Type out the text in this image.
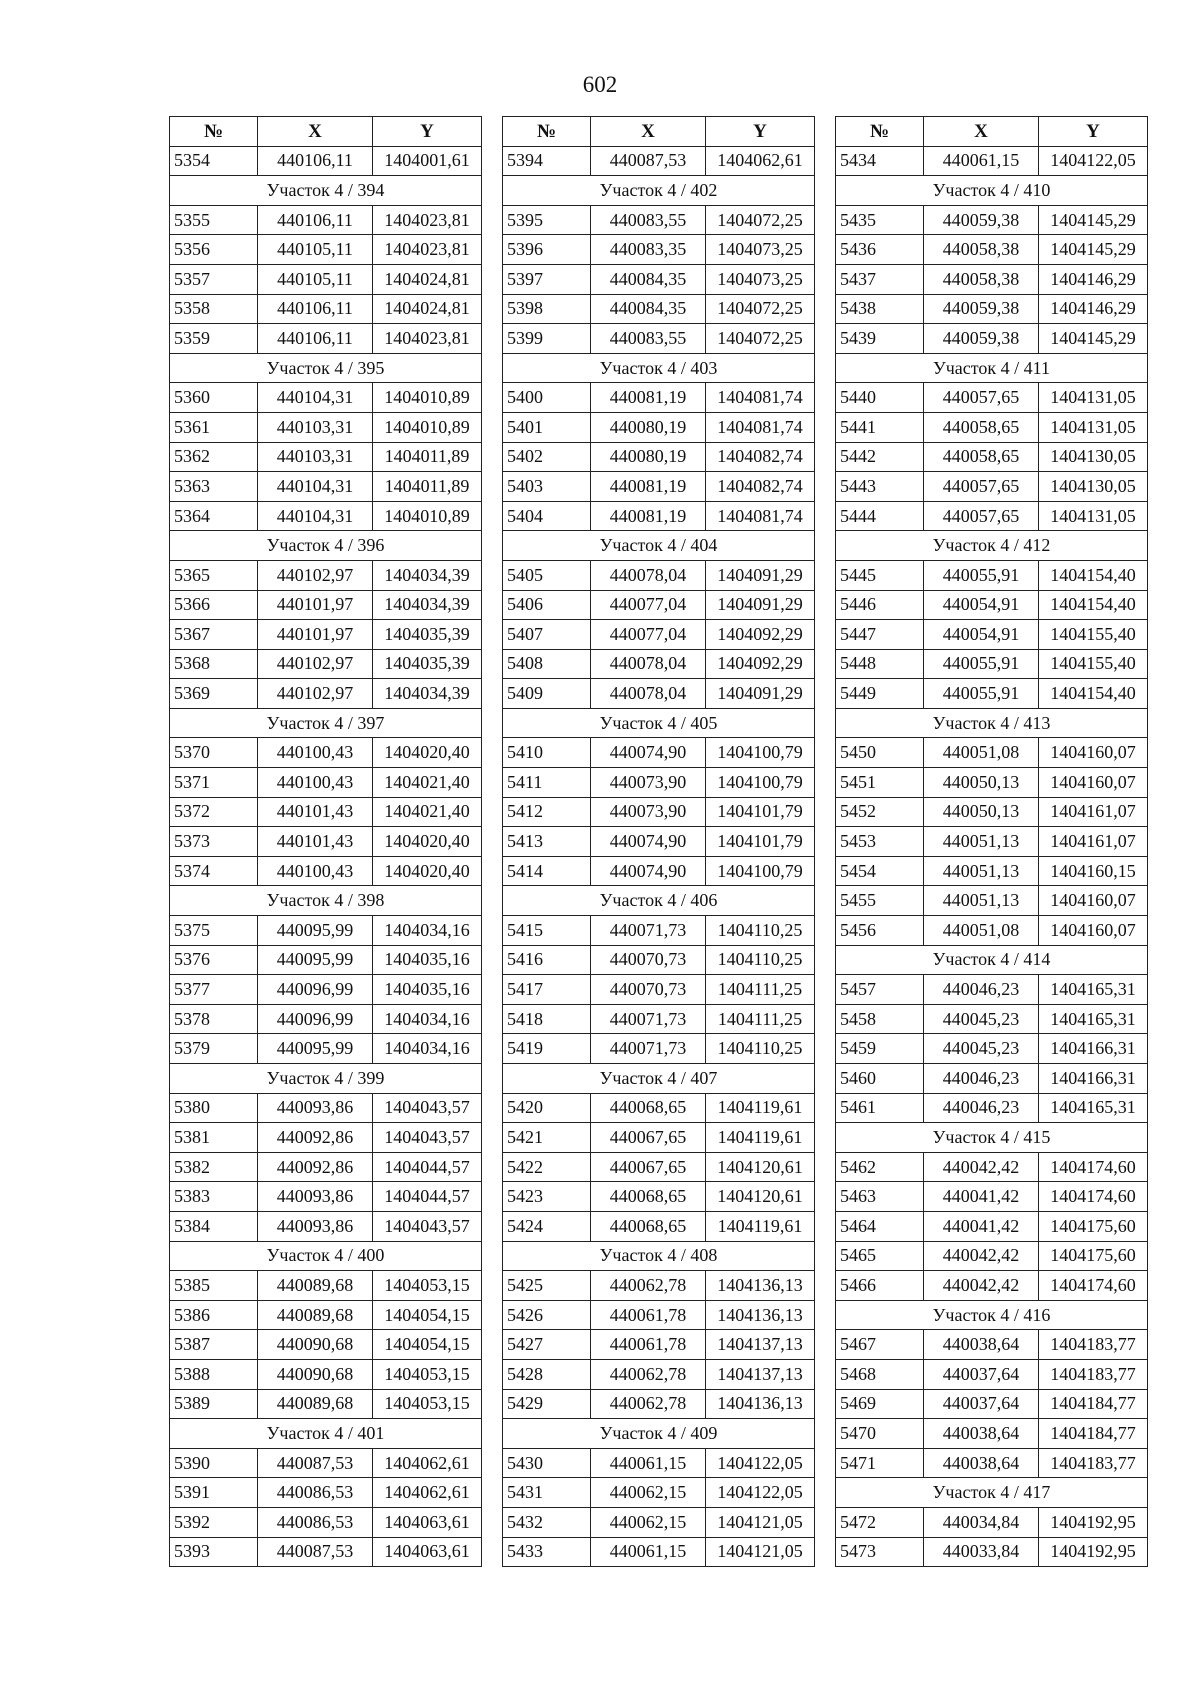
602
№	X	Y
5354	440106,11	1404001,61
Участок 4 / 394		
5355	440106,11	1404023,81
5356	440105,11	1404023,81
5357	440105,11	1404024,81
5358	440106,11	1404024,81
5359	440106,11	1404023,81
Участок 4 / 395		
5360	440104,31	1404010,89
5361	440103,31	1404010,89
5362	440103,31	1404011,89
5363	440104,31	1404011,89
5364	440104,31	1404010,89
Участок 4 / 396		
5365	440102,97	1404034,39
5366	440101,97	1404034,39
5367	440101,97	1404035,39
5368	440102,97	1404035,39
5369	440102,97	1404034,39
Участок 4 / 397		
5370	440100,43	1404020,40
5371	440100,43	1404021,40
5372	440101,43	1404021,40
5373	440101,43	1404020,40
5374	440100,43	1404020,40
Участок 4 / 398		
5375	440095,99	1404034,16
5376	440095,99	1404035,16
5377	440096,99	1404035,16
5378	440096,99	1404034,16
5379	440095,99	1404034,16
Участок 4 / 399		
5380	440093,86	1404043,57
5381	440092,86	1404043,57
5382	440092,86	1404044,57
5383	440093,86	1404044,57
5384	440093,86	1404043,57
Участок 4 / 400		
5385	440089,68	1404053,15
5386	440089,68	1404054,15
5387	440090,68	1404054,15
5388	440090,68	1404053,15
5389	440089,68	1404053,15
Участок 4 / 401		
5390	440087,53	1404062,61
5391	440086,53	1404062,61
5392	440086,53	1404063,61
5393	440087,53	1404063,61
№	X	Y
5394	440087,53	1404062,61
Участок 4 / 402		
5395	440083,55	1404072,25
5396	440083,35	1404073,25
5397	440084,35	1404073,25
5398	440084,35	1404072,25
5399	440083,55	1404072,25
Участок 4 / 403		
5400	440081,19	1404081,74
5401	440080,19	1404081,74
5402	440080,19	1404082,74
5403	440081,19	1404082,74
5404	440081,19	1404081,74
Участок 4 / 404		
5405	440078,04	1404091,29
5406	440077,04	1404091,29
5407	440077,04	1404092,29
5408	440078,04	1404092,29
5409	440078,04	1404091,29
Участок 4 / 405		
5410	440074,90	1404100,79
5411	440073,90	1404100,79
5412	440073,90	1404101,79
5413	440074,90	1404101,79
5414	440074,90	1404100,79
Участок 4 / 406		
5415	440071,73	1404110,25
5416	440070,73	1404110,25
5417	440070,73	1404111,25
5418	440071,73	1404111,25
5419	440071,73	1404110,25
Участок 4 / 407		
5420	440068,65	1404119,61
5421	440067,65	1404119,61
5422	440067,65	1404120,61
5423	440068,65	1404120,61
5424	440068,65	1404119,61
Участок 4 / 408		
5425	440062,78	1404136,13
5426	440061,78	1404136,13
5427	440061,78	1404137,13
5428	440062,78	1404137,13
5429	440062,78	1404136,13
Участок 4 / 409		
5430	440061,15	1404122,05
5431	440062,15	1404122,05
5432	440062,15	1404121,05
5433	440061,15	1404121,05
№	X	Y
5434	440061,15	1404122,05
Участок 4 / 410		
5435	440059,38	1404145,29
5436	440058,38	1404145,29
5437	440058,38	1404146,29
5438	440059,38	1404146,29
5439	440059,38	1404145,29
Участок 4 / 411		
5440	440057,65	1404131,05
5441	440058,65	1404131,05
5442	440058,65	1404130,05
5443	440057,65	1404130,05
5444	440057,65	1404131,05
Участок 4 / 412		
5445	440055,91	1404154,40
5446	440054,91	1404154,40
5447	440054,91	1404155,40
5448	440055,91	1404155,40
5449	440055,91	1404154,40
Участок 4 / 413		
5450	440051,08	1404160,07
5451	440050,13	1404160,07
5452	440050,13	1404161,07
5453	440051,13	1404161,07
5454	440051,13	1404160,15
5455	440051,13	1404160,07
5456	440051,08	1404160,07
Участок 4 / 414		
5457	440046,23	1404165,31
5458	440045,23	1404165,31
5459	440045,23	1404166,31
5460	440046,23	1404166,31
5461	440046,23	1404165,31
Участок 4 / 415		
5462	440042,42	1404174,60
5463	440041,42	1404174,60
5464	440041,42	1404175,60
5465	440042,42	1404175,60
5466	440042,42	1404174,60
Участок 4 / 416		
5467	440038,64	1404183,77
5468	440037,64	1404183,77
5469	440037,64	1404184,77
5470	440038,64	1404184,77
5471	440038,64	1404183,77
Участок 4 / 417		
5472	440034,84	1404192,95
5473	440033,84	1404192,95
